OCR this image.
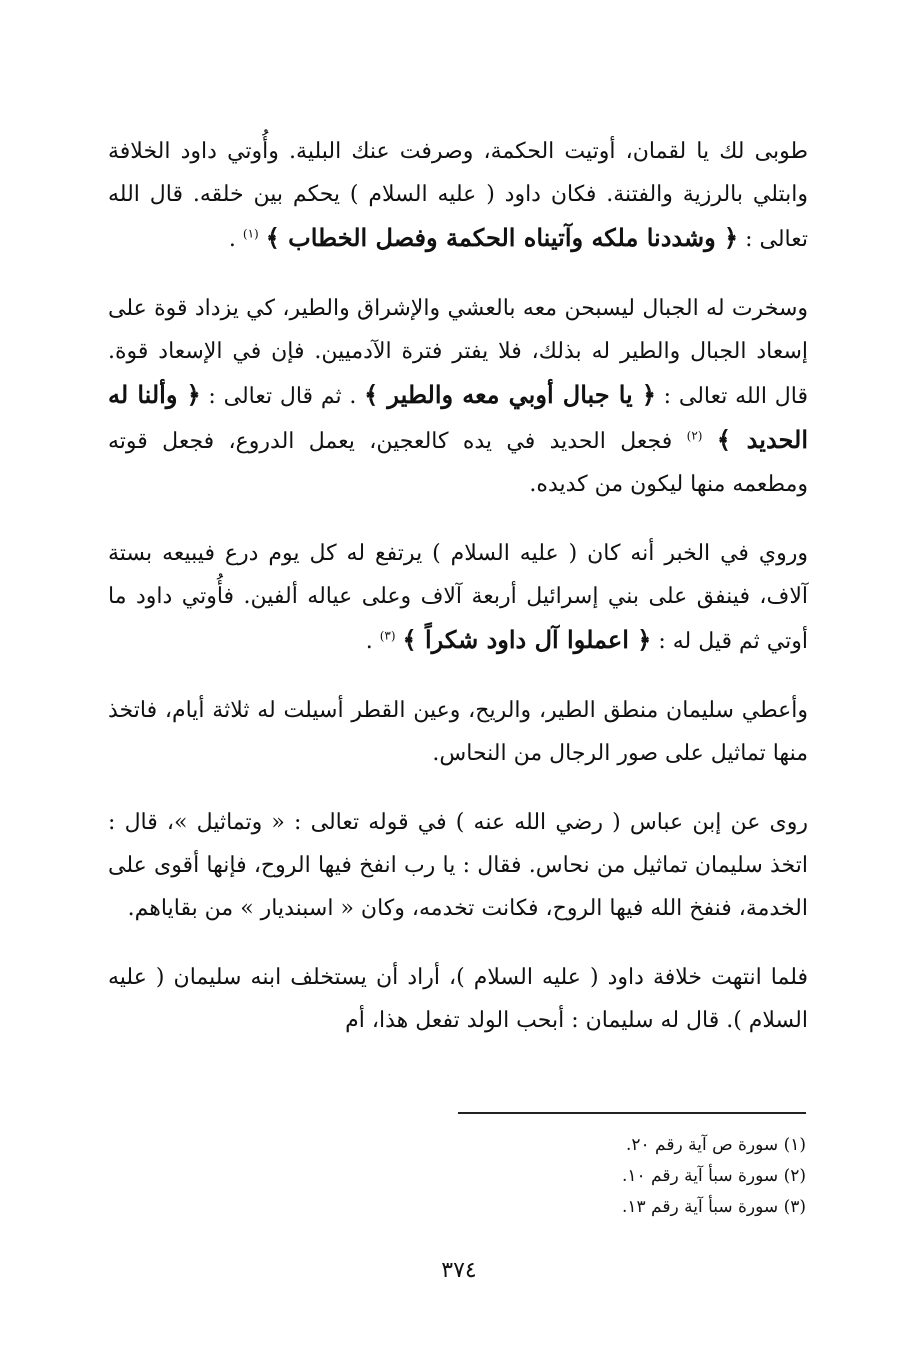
طوبى لك يا لقمان، أوتيت الحكمة، وصرفت عنك البلية. وأُوتي داود الخلافة وابتلي بالرزية والفتنة. فكان داود ( عليه السلام ) يحكم بين خلقه. قال الله تعالى : ﴿ وشددنا ملكه وآتيناه الحكمة وفصل الخطاب ﴾ ( $^١$ ) .

وسخرت له الجبال ليسبحن معه بالعشي والإشراق والطير، كي يزداد قوة على إسعاد الجبال والطير له بذلك، فلا يفتر فترة الآدميين. فإن في الإسعاد قوة. قال الله تعالى : ﴿ يا جبال أوبي معه والطير ﴾ . ثم قال تعالى : ﴿ وألنا له الحديد ﴾ ( $^٢$ ) فجعل الحديد في يده كالعجين، يعمل الدروع، فجعل قوته ومطعمه منها ليكون من كديده.

وروي في الخبر أنه كان ( عليه السلام ) يرتفع له كل يوم درع فيبيعه بستة آلاف، فينفق على بني إسرائيل أربعة آلاف وعلى عياله ألفين. فأُوتي داود ما أوتي ثم قيل له : ﴿ اعملوا آل داود شكراً ﴾ ( $^٣$ ) .

وأعطي سليمان منطق الطير، والريح، وعين القطر أسيلت له ثلاثة أيام، فاتخذ منها تماثيل على صور الرجال من النحاس.

روى عن إبن عباس ( رضي الله عنه ) في قوله تعالى : « وتماثيل »، قال : اتخذ سليمان تماثيل من نحاس. فقال : يا رب انفخ فيها الروح، فإنها أقوى على الخدمة، فنفخ الله فيها الروح، فكانت تخدمه، وكان « اسبنديار » من بقاياهم.

فلما انتهت خلافة داود ( عليه السلام )، أراد أن يستخلف ابنه سليمان ( عليه السلام ). قال له سليمان : أبحب الولد تفعل هذا، أم

( ١ ) سورة ص آية رقم ٢٠.
( ٢ ) سورة سبأ آية رقم ١٠.
( ٣ ) سورة سبأ آية رقم ١٣.
٣٧٤
